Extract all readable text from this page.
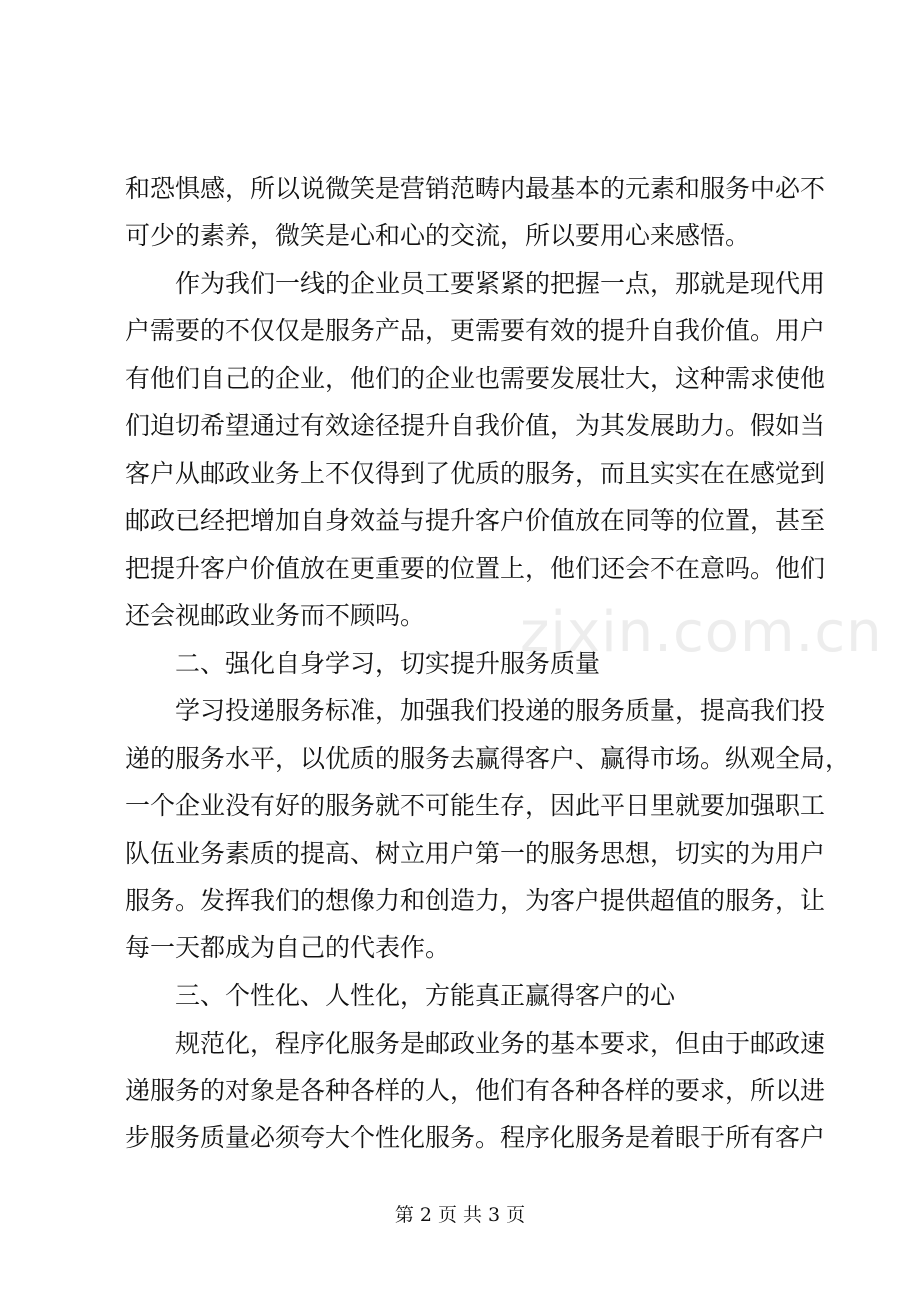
zixin.com.cn
和恐惧感，所以说微笑是营销范畴内最基本的元素和服务中必不
可少的素养，微笑是心和心的交流，所以要用心来感悟。
作为我们一线的企业员工要紧紧的把握一点，那就是现代用
户需要的不仅仅是服务产品，更需要有效的提升自我价值。用户
有他们自己的企业，他们的企业也需要发展壮大，这种需求使他
们迫切希望通过有效途径提升自我价值，为其发展助力。假如当
客户从邮政业务上不仅得到了优质的服务，而且实实在在感觉到
邮政已经把增加自身效益与提升客户价值放在同等的位置，甚至
把提升客户价值放在更重要的位置上，他们还会不在意吗。他们
还会视邮政业务而不顾吗。
二、强化自身学习，切实提升服务质量
学习投递服务标准，加强我们投递的服务质量，提高我们投
递的服务水平，以优质的服务去赢得客户、赢得市场。纵观全局，
一个企业没有好的服务就不可能生存，因此平日里就要加强职工
队伍业务素质的提高、树立用户第一的服务思想，切实的为用户
服务。发挥我们的想像力和创造力，为客户提供超值的服务，让
每一天都成为自己的代表作。
三、个性化、人性化，方能真正赢得客户的心
规范化，程序化服务是邮政业务的基本要求，但由于邮政速
递服务的对象是各种各样的人，他们有各种各样的要求，所以进
步服务质量必须夸大个性化服务。程序化服务是着眼于所有客户
第 2 页 共 3 页
